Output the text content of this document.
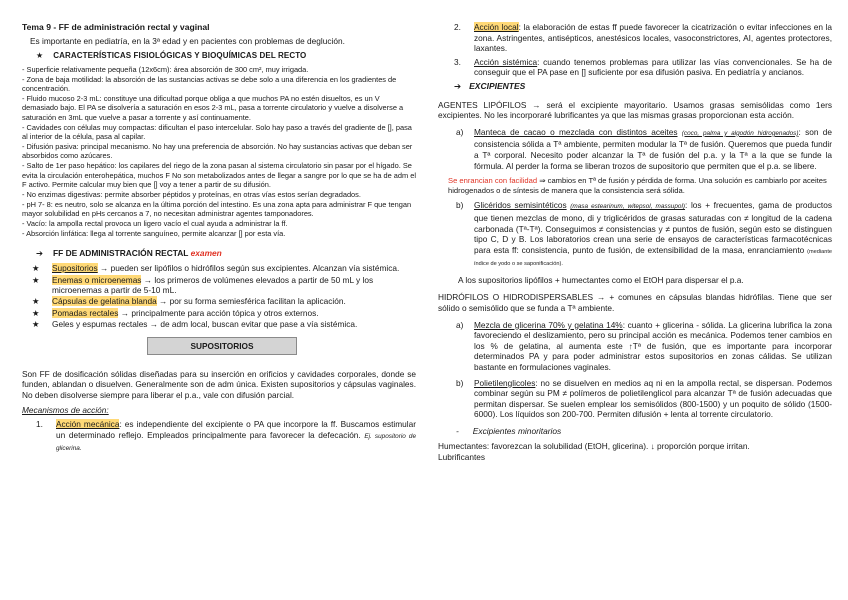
Tema 9 - FF de administración rectal y vaginal
Es importante en pediatría, en la 3ª edad y en pacientes con problemas de deglución.
★ CARACTERÍSTICAS FISIOLÓGICAS Y BIOQUÍMICAS DEL RECTO
- Superficie relativamente pequeña (12x6cm): área absorción de 300 cm², muy irrigada.
- Zona de baja motilidad: la absorción de las sustancias activas se debe solo a una diferencia en los gradientes de concentración.
- Fluido mucoso 2-3 mL: constituye una dificultad porque obliga a que muchos PA no estén disueltos, es un V demasiado bajo. El PA se disolvería a saturación en esos 2-3 mL, pasa a torrente circulatorio y vuelve a disolverse a saturación en 3mL que vuelve a pasar a torrente y así continuamente.
- Cavidades con células muy compactas: dificultan el paso intercelular. Solo hay paso a través del gradiente de [], pasa al interior de la célula, pasa al capilar.
- Difusión pasiva: principal mecanismo. No hay una preferencia de absorción. No hay sustancias activas que deban ser absorbidos como azúcares.
- Salto de 1er paso hepático: los capilares del riego de la zona pasan al sistema circulatorio sin pasar por el hígado. Se evita la circulación enterohepática, muchos F No son metabolizados antes de llegar a sangre por lo que se ha de adm el F activo. Permite calcular muy bien que [] voy a tener a partir de su difusión.
- No enzimas digestivas: permite absorber péptidos y proteínas, en otras vías estos serían degradados.
- pH 7- 8: es neutro, solo se alcanza en la última porción del intestino. Es una zona apta para administrar F que tengan mayor solubilidad en pHs cercanos a 7, no necesitan administrar agentes tamponadores.
- Vacío: la ampolla rectal provoca un ligero vacío el cual ayuda a administrar la ff.
- Absorción linfática: llega al torrente sanguíneo, permite alcanzar [] por esta vía.
➔ FF DE ADMINISTRACIÓN RECTAL examen
★ Supositorios → pueden ser lipófilos o hidrófilos según sus excipientes. Alcanzan vía sistémica.
★ Enemas o microenemas → los primeros de volúmenes elevados a partir de 50 mL y los microenemas a partir de 5-10 mL.
★ Cápsulas de gelatina blanda → por su forma semiesférica facilitan la aplicación.
★ Pomadas rectales → principalmente para acción tópica y otros externos.
★ Geles y espumas rectales → de adm local, buscan evitar que pase a vía sistémica.
SUPOSITORIOS

Son FF de dosificación sólidas diseñadas para su inserción en orificios y cavidades corporales, donde se funden, ablandan o disuelven. Generalmente son de adm única. Existen supositorios y cápsulas vaginales. No deben disolverse siempre para liberar el p.a., vale con difusión parcial.

Mecanismos de acción:
1. Acción mecánica: es independiente del excipiente o PA que incorpore la ff. Buscamos estimular un determinado reflejo. Empleados principalmente para favorecer la defecación. Ej. supositorio de glicerina.
2. Acción local: la elaboración de estas ff puede favorecer la cicatrización o evitar infecciones en la zona. Astringentes, antisépticos, anestésicos locales, vasoconstrictores, AI, agentes protectores, laxantes.
3. Acción sistémica: cuando tenemos problemas para utilizar las vías convencionales. Se ha de conseguir que el PA pase en [] suficiente por esa difusión pasiva. En pediatría y ancianos.
➔ EXCIPIENTES

AGENTES LIPÓFILOS → será el excipiente mayoritario. Usamos grasas semisólidas como 1ers excipientes. No les incorporaré lubrificantes ya que las mismas grasas proporcionan esta acción.

a) Manteca de cacao o mezclada con distintos aceites (coco, palma y algodón hidrogenados): son de consistencia sólida a Tª ambiente, permiten modular la Tª de fusión. Queremos que pueda fundir a Tª corporal. Necesito poder alcanzar la Tª de fusión del p.a. y la Tª a la que se funde la fórmula. Al perder la forma se liberan trozos de supositorio que permiten que el p.a. se libere.
Se enrancian con facilidad ⇒ cambios en Tª de fusión y pérdida de forma. Una solución es cambiarlo por aceites hidrogenados o de síntesis de manera que la consistencia será sólida.
b) Glicéridos semisintéticos (masa estearinum, witepsol, massupol): los + frecuentes, gama de productos que tienen mezclas de mono, di y triglicéridos de grasas saturadas con ≠ longitud de la cadena carbonada (Tª-Tª). Conseguimos ≠ consistencias y ≠ puntos de fusión, según esto se distinguen tipo C, D y B. Los laboratorios crean una serie de ensayos de características farmacotécnicas para esta ff: consistencia, punto de fusión, de extensibilidad de la masa, enranciamiento (mediante índice de yodo o se saponificación).
A los supositorios lipófilos + humectantes como el EtOH para dispersar el p.a.

HIDRÓFILOS O HIDRODISPERSABLES → + comunes en cápsulas blandas hidrófilas. Tiene que ser sólido o semisólido que se funda a Tª ambiente.

a) Mezcla de glicerina 70% y gelatina 14%: cuanto + glicerina - sólida. La glicerina lubrifica la zona favoreciendo el deslizamiento, pero su principal acción es mecánica. Podemos tener cambios en los % de gelatina, al aumenta este ↑Tª de fusión, que es importante para incorporar determinados PA y para poder administrar estos supositorios en zonas cálidas. Se utilizan bastante en formulaciones vaginales.
b) Polietilenglicoles: no se disuelven en medios aq ni en la ampolla rectal, se dispersan. Podemos combinar según su PM ≠ polímeros de polietilenglicol para alcanzar Tª de fusión adecuadas que permitan dispersar. Se suelen emplear los semisólidos (800-1500) y un poquito de sólido (1500-6000). Los líquidos son 200-700. Permiten difusión + lenta al torrente circulatorio.
- Excipientes minoritarios
Humectantes: favorezcan la solubilidad (EtOH, glicerina). ↓ proporción porque irritan.
Lubrificantes
